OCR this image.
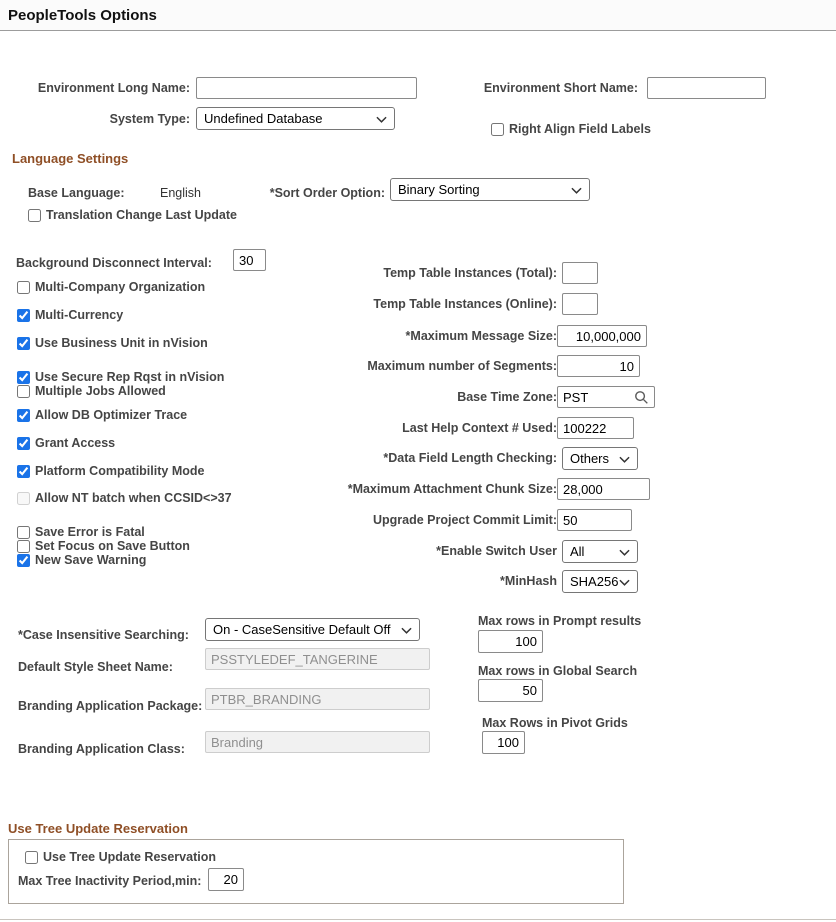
PeopleTools Options
Environment Long Name:	Environment Short Name:
System Type: Undefined Database
Right Align Field Labels
Language Settings
Base Language:	English	*Sort Order Option: Binary Sorting
Translation Change Last Update
Background Disconnect Interval:
30
Multi-Company Organization
Multi-Currency
Use Business Unit in nVision
Use Secure Rep Rqst in nVision
Multiple Jobs Allowed
Allow DB Optimizer Trace
Grant Access
Platform Compatibility Mode
Allow NT batch when CCSID<>37
Save Error is Fatal
Set Focus on Save Button
New Save Warning
Temp Table Instances (Total):
Temp Table Instances (Online):
*Maximum Message Size:
10,000,000
Maximum number of Segments:
10
Base Time Zone:
PST
Last Help Context # Used:
100222
*Data Field Length Checking: Others
*Maximum Attachment Chunk Size:
28,000
Upgrade Project Commit Limit:
50
*Enable Switch User All
*MinHash SHA256
*Case Insensitive Searching: On - CaseSensitive Default Off
Default Style Sheet Name:
PSSTYLEDEF_TANGERINE
Branding Application Package:
PTBR_BRANDING
Branding Application Class:
Branding
Max rows in Prompt results
100
Max rows in Global Search
50
Max Rows in Pivot Grids
100
Use Tree Update Reservation
Use Tree Update Reservation
Max Tree Inactivity Period,min:
20
